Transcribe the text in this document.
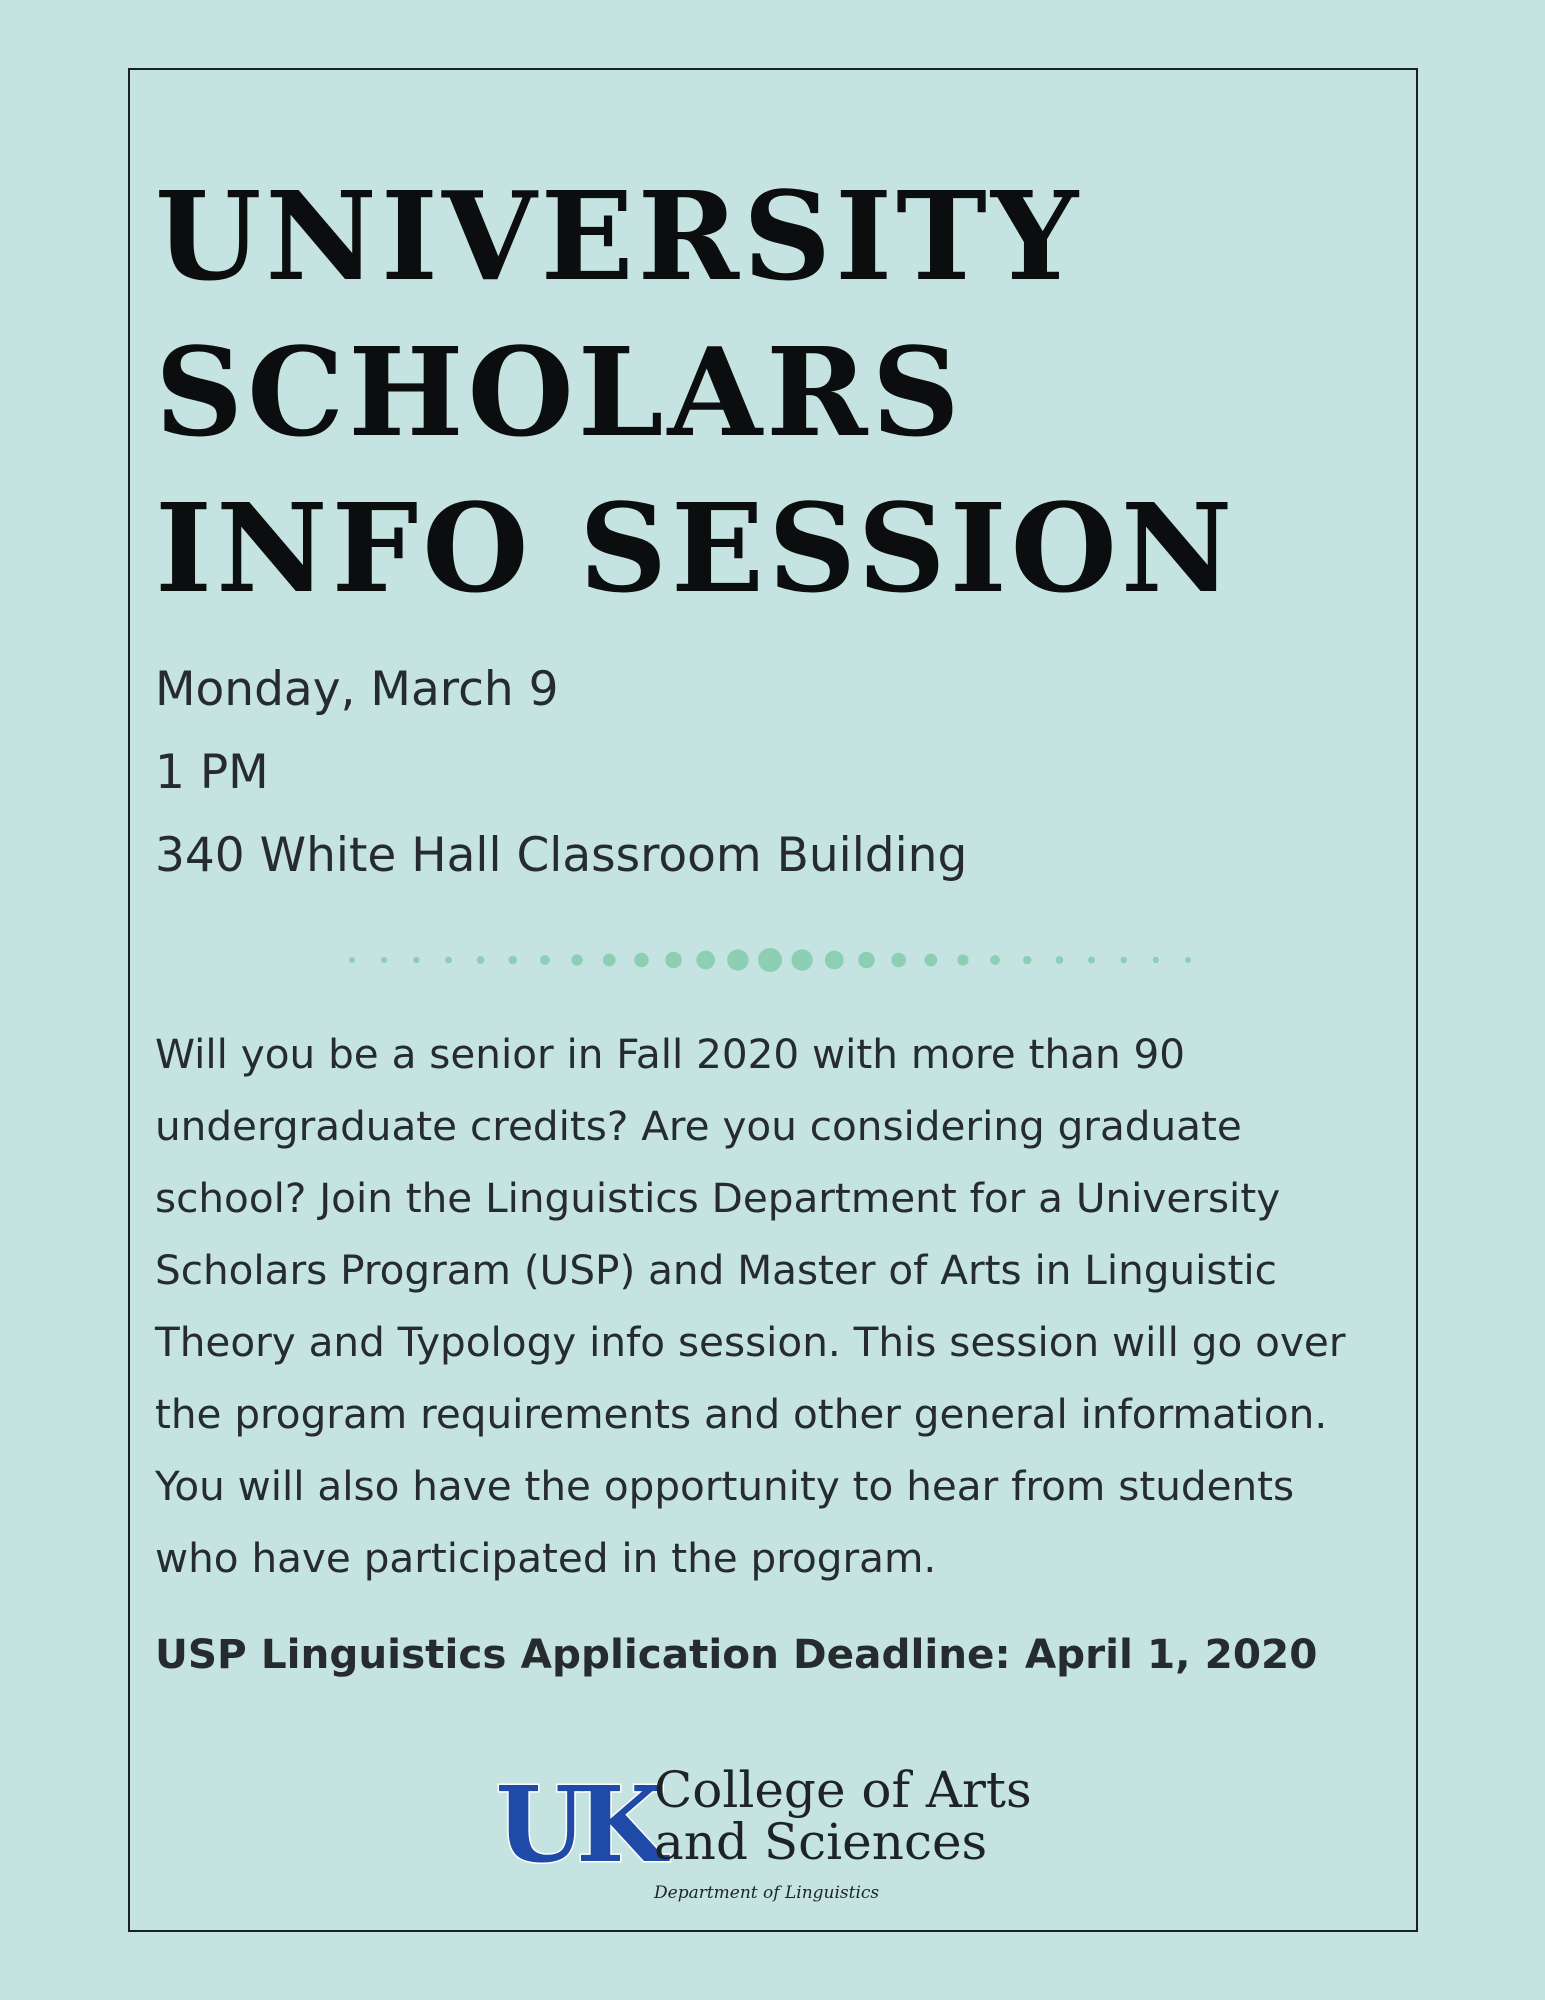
UNIVERSITY
SCHOLARS
INFO SESSION
Monday, March 9
1 PM
340 White Hall Classroom Building

Will you be a senior in Fall 2020 with more than 90 undergraduate credits? Are you considering graduate school? Join the Linguistics Department for a University Scholars Program (USP) and Master of Arts in Linguistic Theory and Typology info session. This session will go over the program requirements and other general information. You will also have the opportunity to hear from students who have participated in the program.

USP Linguistics Application Deadline: April 1, 2020
UK
College of Arts
and Sciences
Department of Linguistics
